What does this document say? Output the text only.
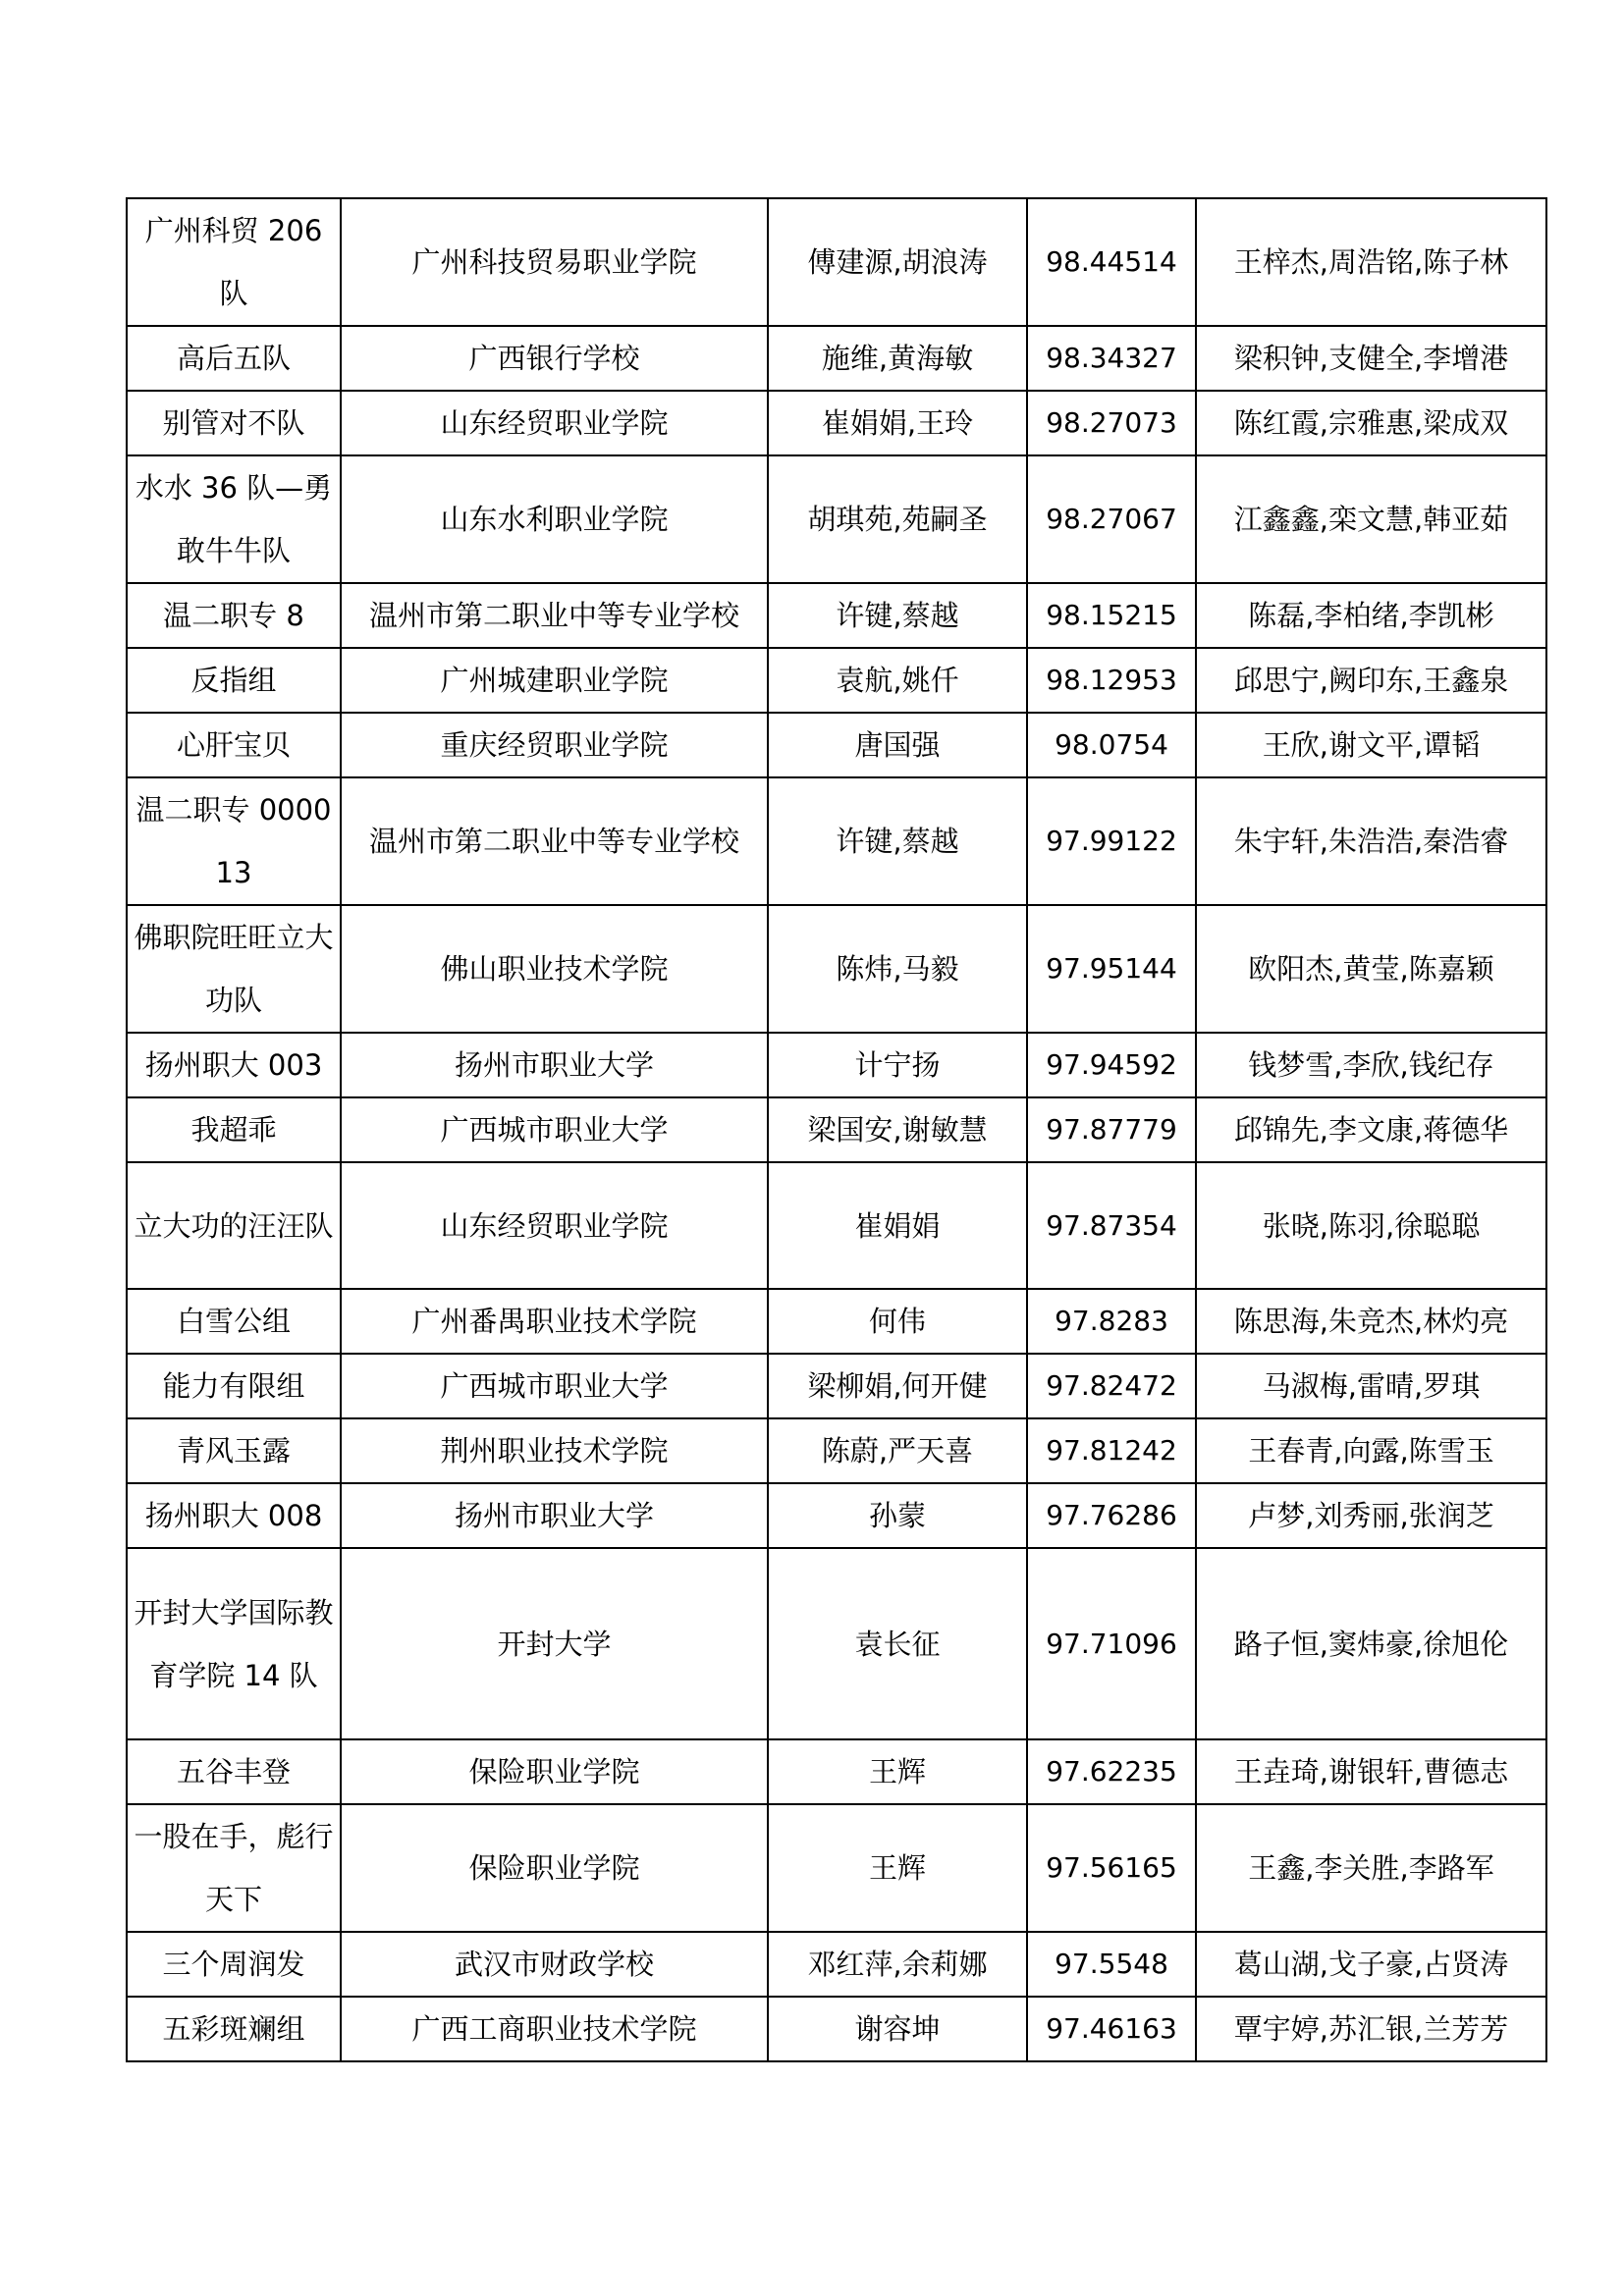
广州科贸 206 队	广州科技贸易职业学院	傅建源,胡浪涛	98.44514	王梓杰,周浩铭,陈子林
高后五队	广西银行学校	施维,黄海敏	98.34327	梁积钟,支健全,李增港
别管对不队	山东经贸职业学院	崔娟娟,王玲	98.27073	陈红霞,宗雅惠,梁成双
水水 36 队—勇敢牛牛队	山东水利职业学院	胡琪苑,苑嗣圣	98.27067	江鑫鑫,栾文慧,韩亚茹
温二职专 8	温州市第二职业中等专业学校	许键,蔡越	98.15215	陈磊,李柏绪,李凯彬
反指组	广州城建职业学院	袁航,姚仟	98.12953	邱思宁,阙印东,王鑫泉
心肝宝贝	重庆经贸职业学院	唐国强	98.0754	王欣,谢文平,谭韬
温二职专 000013	温州市第二职业中等专业学校	许键,蔡越	97.99122	朱宇轩,朱浩浩,秦浩睿
佛职院旺旺立大功队	佛山职业技术学院	陈炜,马毅	97.95144	欧阳杰,黄莹,陈嘉颖
扬州职大 003	扬州市职业大学	计宁扬	97.94592	钱梦雪,李欣,钱纪存
我超乖	广西城市职业大学	梁国安,谢敏慧	97.87779	邱锦先,李文康,蒋德华
立大功的汪汪队	山东经贸职业学院	崔娟娟	97.87354	张晓,陈羽,徐聪聪
白雪公组	广州番禺职业技术学院	何伟	97.8283	陈思海,朱竞杰,林灼亮
能力有限组	广西城市职业大学	梁柳娟,何开健	97.82472	马淑梅,雷晴,罗琪
青风玉露	荆州职业技术学院	陈蔚,严天喜	97.81242	王春青,向露,陈雪玉
扬州职大 008	扬州市职业大学	孙蒙	97.76286	卢梦,刘秀丽,张润芝
开封大学国际教育学院 14 队	开封大学	袁长征	97.71096	路子恒,窦炜豪,徐旭伦
五谷丰登	保险职业学院	王辉	97.62235	王垚琦,谢银轩,曹德志
一股在手，彪行天下	保险职业学院	王辉	97.56165	王鑫,李关胜,李路军
三个周润发	武汉市财政学校	邓红萍,余莉娜	97.5548	葛山湖,戈子豪,占贤涛
五彩斑斓组	广西工商职业技术学院	谢容坤	97.46163	覃宇婷,苏汇银,兰芳芳
